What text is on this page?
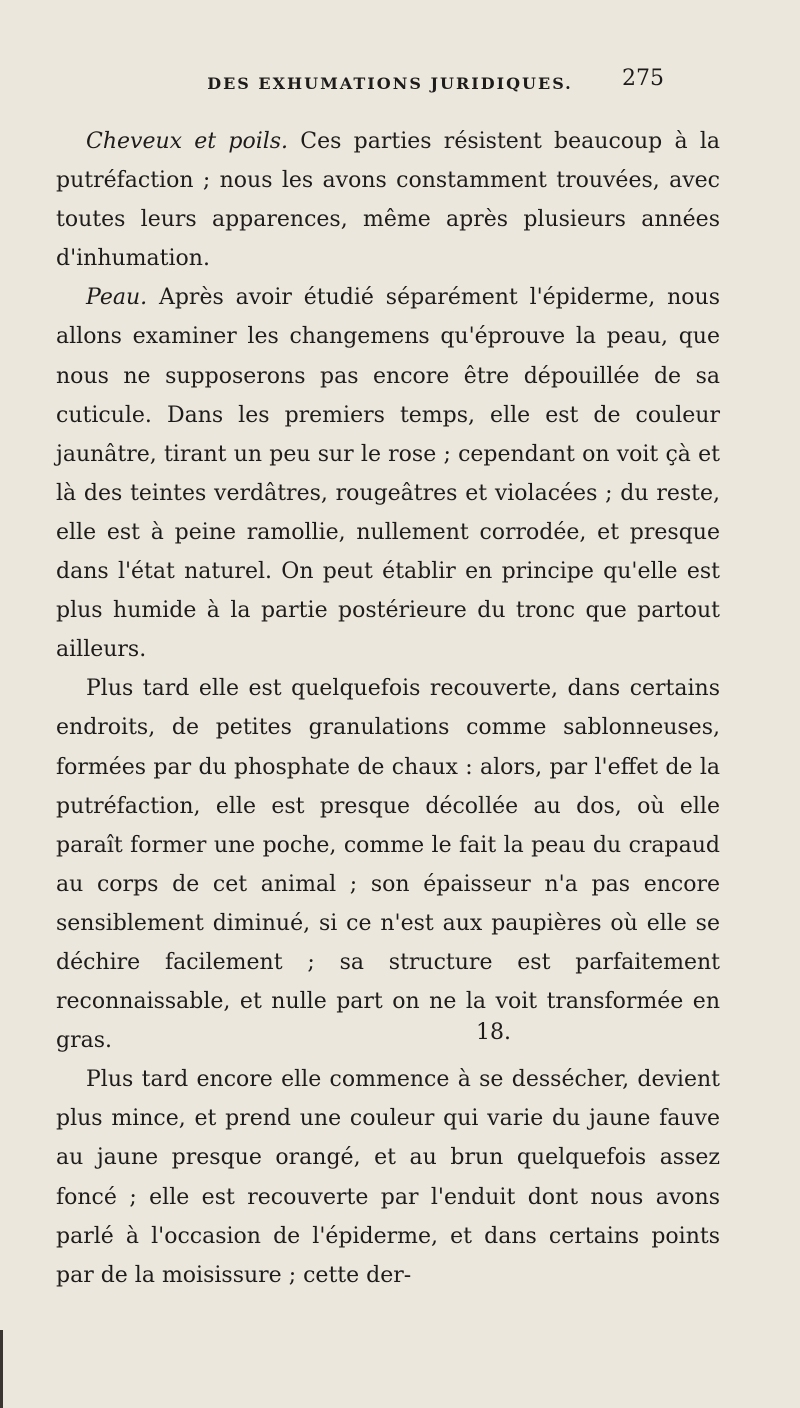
DES EXHUMATIONS JURIDIQUES.	275

Cheveux et poils. Ces parties résistent beaucoup à la putréfaction ; nous les avons constamment trouvées, avec toutes leurs apparences, même après plusieurs années d'inhumation.

Peau. Après avoir étudié séparément l'épiderme, nous allons examiner les changemens qu'éprouve la peau, que nous ne supposerons pas encore être dépouillée de sa cuticule. Dans les premiers temps, elle est de couleur jaunâtre, tirant un peu sur le rose ; cependant on voit çà et là des teintes verdâtres, rougeâtres et violacées ; du reste, elle est à peine ramollie, nullement corrodée, et presque dans l'état naturel. On peut établir en principe qu'elle est plus humide à la partie postérieure du tronc que partout ailleurs.

Plus tard elle est quelquefois recouverte, dans certains endroits, de petites granulations comme sablonneuses, formées par du phosphate de chaux : alors, par l'effet de la putréfaction, elle est presque décollée au dos, où elle paraît former une poche, comme le fait la peau du crapaud au corps de cet animal ; son épaisseur n'a pas encore sensiblement diminué, si ce n'est aux paupières où elle se déchire facilement ; sa structure est parfaitement reconnaissable, et nulle part on ne la voit transformée en gras.

Plus tard encore elle commence à se dessécher, devient plus mince, et prend une couleur qui varie du jaune fauve au jaune presque orangé, et au brun quelquefois assez foncé ; elle est recouverte par l'enduit dont nous avons parlé à l'occasion de l'épiderme, et dans certains points par de la moisissure ; cette der-

18.
